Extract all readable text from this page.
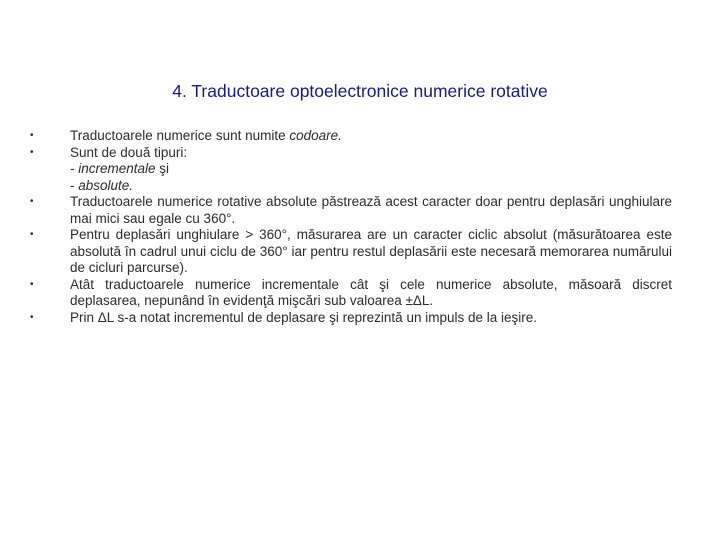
4. Traductoare optoelectronice numerice rotative
•	Traductoarele numerice sunt numite codoare.
•	Sunt de două tipuri:
- incrementale şi
- absolute.
•	Traductoarele numerice rotative absolute păstrează acest caracter doar pentru deplasări unghiulare mai mici sau egale cu 360°.
•	Pentru deplasări unghiulare > 360°, măsurarea are un caracter ciclic absolut (măsurătoarea este absolută în cadrul unui ciclu de 360° iar pentru restul deplasării este necesară memorarea numărului de cicluri parcurse).
•	Atât traductoarele numerice incrementale cât şi cele numerice absolute, măsoară discret deplasarea, nepunând în evidenţă mişcări sub valoarea ±ΔL.
•	Prin ΔL s-a notat incrementul de deplasare şi reprezintă un impuls de la ieşire.
